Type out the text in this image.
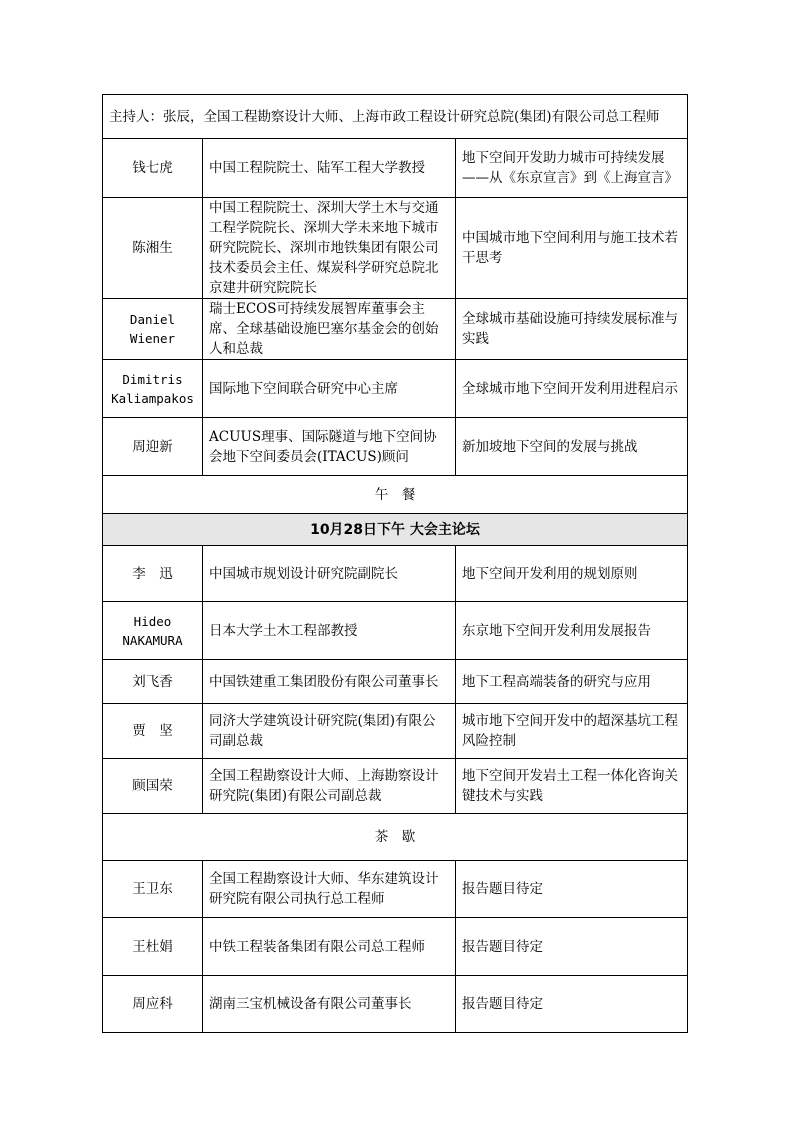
主持人：张辰，全国工程勘察设计大师、上海市政工程设计研究总院(集团)有限公司总工程师		
钱七虎	中国工程院院士、陆军工程大学教授	地下空间开发助力城市可持续发展——从《东京宣言》到《上海宣言》
陈湘生	中国工程院院士、深圳大学土木与交通工程学院院长、深圳大学未来地下城市研究院院长、深圳市地铁集团有限公司技术委员会主任、煤炭科学研究总院北京建井研究院院长	中国城市地下空间利用与施工技术若干思考
Daniel Wiener	瑞士ECOS可持续发展智库董事会主席、全球基础设施巴塞尔基金会的创始人和总裁	全球城市基础设施可持续发展标准与实践
Dimitris Kaliampakos	国际地下空间联合研究中心主席	全球城市地下空间开发利用进程启示
周迎新	ACUUS理事、国际隧道与地下空间协会地下空间委员会(ITACUS)顾问	新加坡地下空间的发展与挑战
午　餐		
10月28日下午 大会主论坛		
李　迅	中国城市规划设计研究院副院长	地下空间开发利用的规划原则
Hideo NAKAMURA	日本大学土木工程部教授	东京地下空间开发利用发展报告
刘飞香	中国铁建重工集团股份有限公司董事长	地下工程高端装备的研究与应用
贾　坚	同济大学建筑设计研究院(集团)有限公司副总裁	城市地下空间开发中的超深基坑工程风险控制
顾国荣	全国工程勘察设计大师、上海勘察设计研究院(集团)有限公司副总裁	地下空间开发岩土工程一体化咨询关键技术与实践
茶　歇		
王卫东	全国工程勘察设计大师、华东建筑设计研究院有限公司执行总工程师	报告题目待定
王杜娟	中铁工程装备集团有限公司总工程师	报告题目待定
周应科	湖南三宝机械设备有限公司董事长	报告题目待定
